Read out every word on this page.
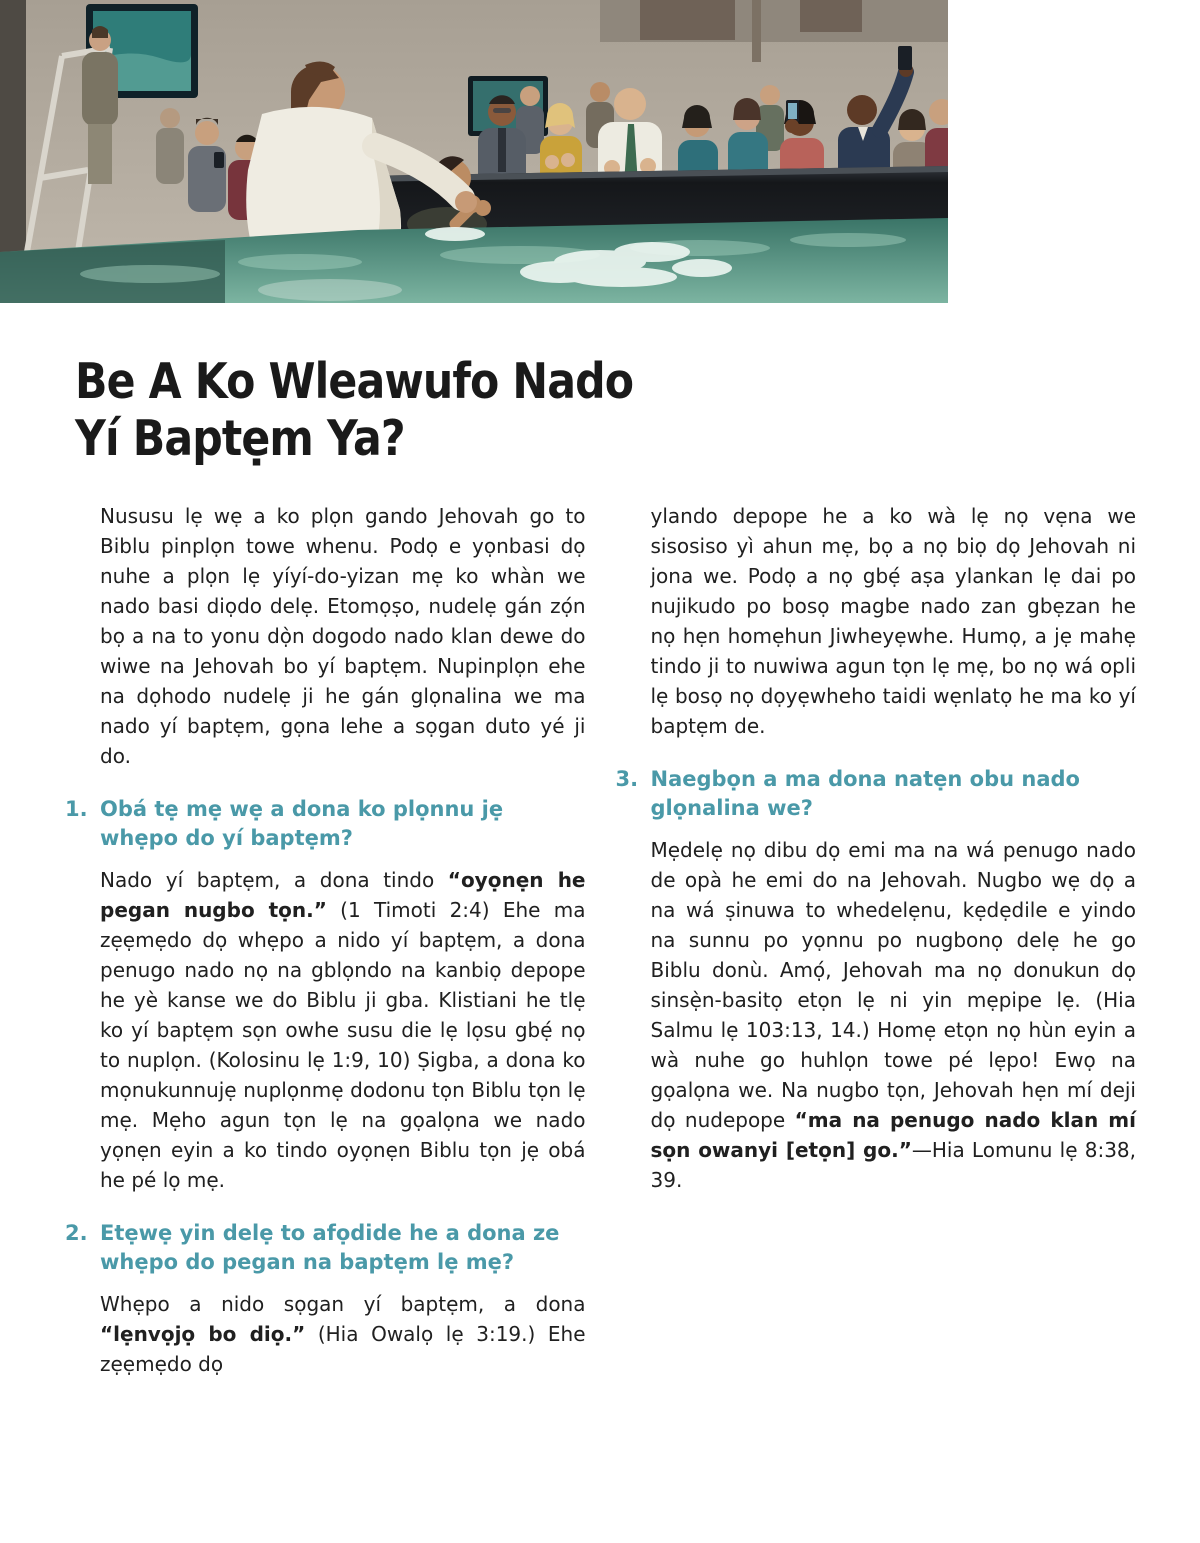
47
Be A Ko Wleawufo Nado
Yí Baptẹm Ya?

Nususu lẹ wẹ a ko plọn gando Jehovah go to Biblu pinplọn towe whenu. Podọ e yọnbasi dọ nuhe a plọn lẹ yíyí-do-yizan mẹ ko whàn we nado basi diọdo delẹ. Etomọṣo, nudelẹ gán zọ́n bọ a na to yonu dọ̀n dogodo nado klan dewe do wiwe na Jehovah bo yí baptẹm. Nupinplọn ehe na dọhodo nudelẹ ji he gán glọnalina we ma nado yí baptẹm, gọna lehe a sọgan duto yé ji do.

1. Obá tẹ mẹ wẹ a dona ko plọnnu jẹ whẹpo do yí baptẹm?

Nado yí baptẹm, a dona tindo “oyọnẹn he pegan nugbo tọn.” (1 Timoti 2:4) Ehe ma zẹẹmẹdo dọ whẹpo a nido yí baptẹm, a dona penugo nado nọ na gblọndo na kanbiọ depope he yè kanse we do Biblu ji gba. Klistiani he tlẹ ko yí baptẹm sọn owhe susu die lẹ lọsu gbẹ́ nọ to nuplọn. (Kolosinu lẹ 1:9, 10) Ṣigba, a dona ko mọnukunnujẹ nuplọnmẹ dodonu tọn Biblu tọn lẹ mẹ. Mẹho agun tọn lẹ na gọalọna we nado yọnẹn eyin a ko tindo oyọnẹn Biblu tọn jẹ obá he pé lọ mẹ.

2. Etẹwẹ yin delẹ to afọdide he a dona ze whẹpo do pegan na baptẹm lẹ mẹ?

Whẹpo a nido sọgan yí baptẹm, a dona “lẹnvọjọ bo diọ.” (Hia Owalọ lẹ 3:19.) Ehe zẹẹmẹdo dọ

ylando depope he a ko wà lẹ nọ vẹna we sisosiso yì ahun mẹ, bọ a nọ biọ dọ Jehovah ni jona we. Podọ a nọ gbẹ́ aṣa ylankan lẹ dai po nujikudo po bosọ magbe nado zan gbẹzan he nọ hẹn homẹhun Jiwheyẹwhe. Humọ, a jẹ mahẹ tindo ji to nuwiwa agun tọn lẹ mẹ, bo nọ wá opli lẹ bosọ nọ dọyẹwheho taidi wẹnlatọ he ma ko yí baptẹm de.

3. Naegbọn a ma dona natẹn obu nado glọnalina we?

Mẹdelẹ nọ dibu dọ emi ma na wá penugo nado de opà he emi do na Jehovah. Nugbo wẹ dọ a na wá ṣinuwa to whedelẹnu, kẹdẹdile e yindo na sunnu po yọnnu po nugbonọ delẹ he go Biblu donù. Amọ́, Jehovah ma nọ donukun dọ sinsẹ̀n-basitọ etọn lẹ ni yin mẹpipe lẹ. (Hia Salmu lẹ 103:13, 14.) Homẹ etọn nọ hùn eyin a wà nuhe go huhlọn towe pé lẹpo! Ewọ na gọalọna we. Na nugbo tọn, Jehovah hẹn mí deji dọ nudepope “ma na penugo nado klan mí sọn owanyi [etọn] go.”—Hia Lomunu lẹ 8:38, 39.
